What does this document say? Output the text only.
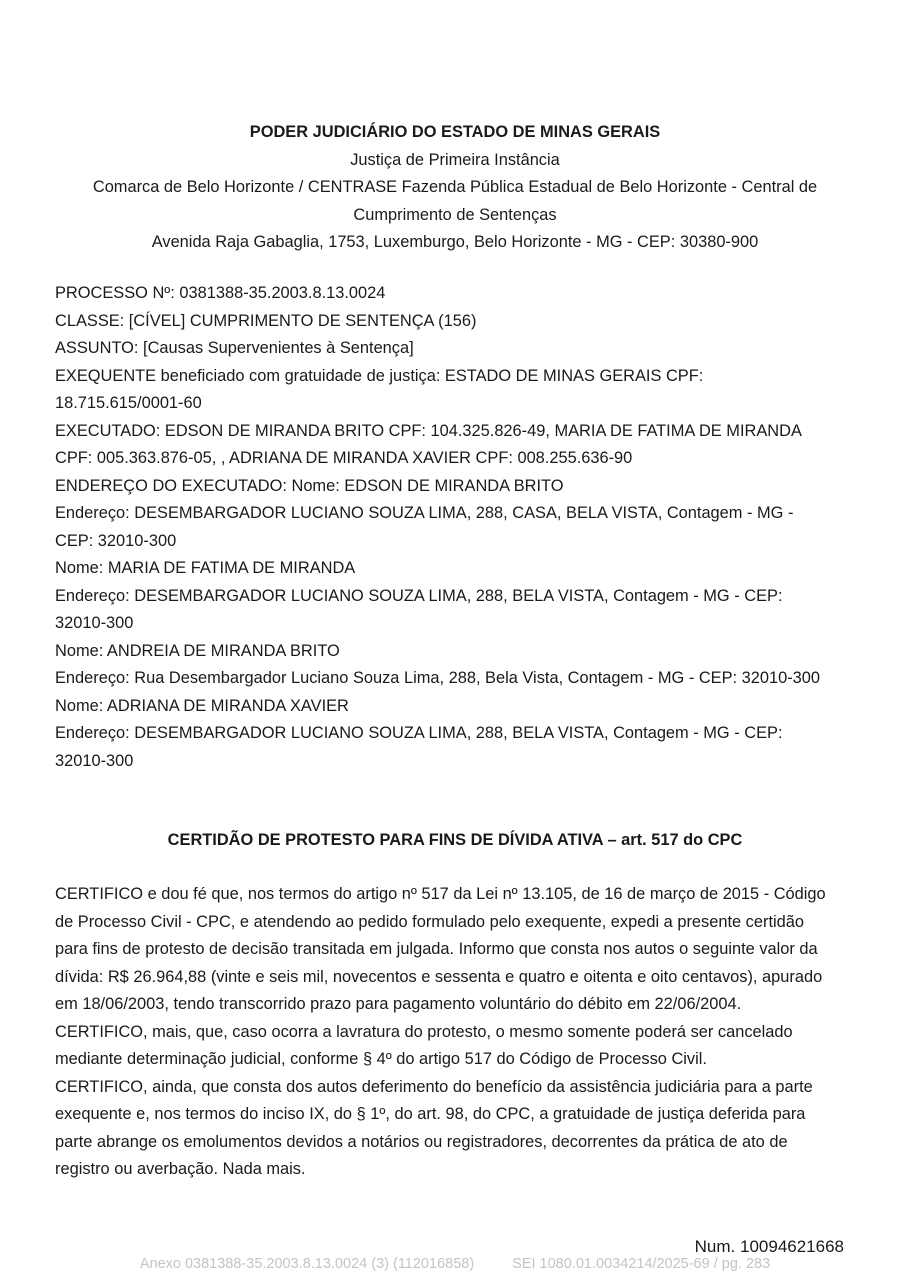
PODER JUDICIÁRIO DO ESTADO DE MINAS GERAIS
Justiça de Primeira Instância
Comarca de Belo Horizonte / CENTRASE Fazenda Pública Estadual de Belo Horizonte - Central de
Cumprimento de Sentenças
Avenida Raja Gabaglia, 1753, Luxemburgo, Belo Horizonte - MG - CEP: 30380-900
PROCESSO Nº: 0381388-35.2003.8.13.0024
CLASSE: [CÍVEL] CUMPRIMENTO DE SENTENÇA (156)
ASSUNTO: [Causas Supervenientes à Sentença]
EXEQUENTE beneficiado com gratuidade de justiça: ESTADO DE MINAS GERAIS CPF:
18.715.615/0001-60
EXECUTADO: EDSON DE MIRANDA BRITO CPF: 104.325.826-49, MARIA DE FATIMA DE MIRANDA
CPF: 005.363.876-05, , ADRIANA DE MIRANDA XAVIER CPF: 008.255.636-90
ENDEREÇO DO EXECUTADO: Nome: EDSON DE MIRANDA BRITO
Endereço: DESEMBARGADOR LUCIANO SOUZA LIMA, 288, CASA, BELA VISTA, Contagem - MG -
CEP: 32010-300
Nome: MARIA DE FATIMA DE MIRANDA
Endereço: DESEMBARGADOR LUCIANO SOUZA LIMA, 288, BELA VISTA, Contagem - MG - CEP:
32010-300
Nome: ANDREIA DE MIRANDA BRITO
Endereço: Rua Desembargador Luciano Souza Lima, 288, Bela Vista, Contagem - MG - CEP: 32010-300
Nome: ADRIANA DE MIRANDA XAVIER
Endereço: DESEMBARGADOR LUCIANO SOUZA LIMA, 288, BELA VISTA, Contagem - MG - CEP:
32010-300
CERTIDÃO DE PROTESTO PARA FINS DE DÍVIDA ATIVA – art. 517 do CPC

CERTIFICO e dou fé que, nos termos do artigo nº 517 da Lei nº 13.105, de 16 de março de 2015 - Código

de Processo Civil - CPC, e atendendo ao pedido formulado pelo exequente, expedi a presente certidão

para fins de protesto de decisão transitada em julgada. Informo que consta nos autos o seguinte valor da

dívida: R$ 26.964,88 (vinte e seis mil, novecentos e sessenta e quatro e oitenta e oito centavos), apurado

em 18/06/2003, tendo transcorrido prazo para pagamento voluntário do débito em 22/06/2004.

CERTIFICO, mais, que, caso ocorra a lavratura do protesto, o mesmo somente poderá ser cancelado

mediante determinação judicial, conforme § 4º do artigo 517 do Código de Processo Civil.

CERTIFICO, ainda, que consta dos autos deferimento do benefício da assistência judiciária para a parte

exequente e, nos termos do inciso IX, do § 1º, do art. 98, do CPC, a gratuidade de justiça deferida para

parte abrange os emolumentos devidos a notários ou registradores, decorrentes da prática de ato de

registro ou averbação. Nada mais.

Num. 10094621668
Anexo 0381388-35.2003.8.13.0024 (3) (112016858)	SEI 1080.01.0034214/2025-69 / pg. 283
